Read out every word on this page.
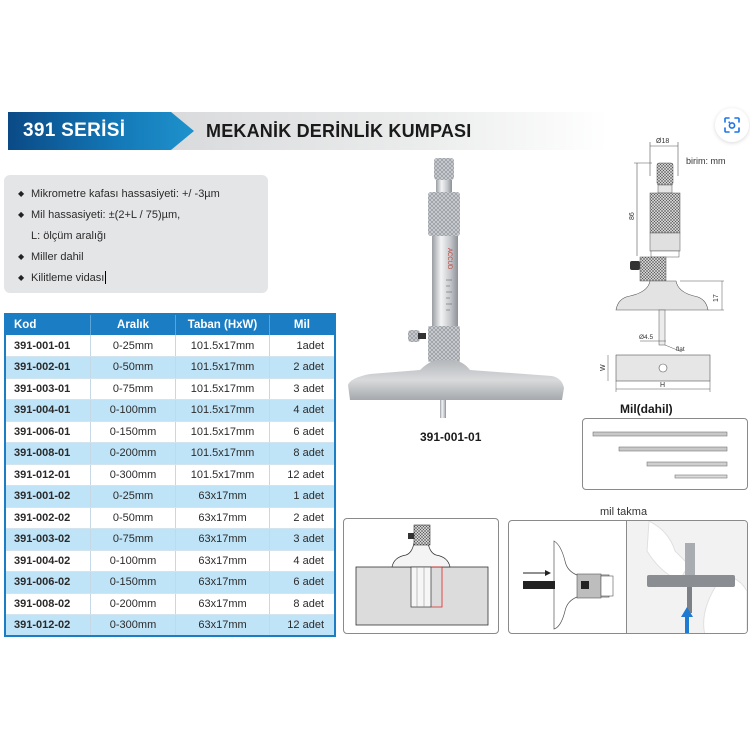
391 SERİSİ	MEKANİK DERİNLİK KUMPASI
◆ Mikrometre kafası hassasiyeti: +/ -3µm
◆ Mil hassasiyeti: ±(2+L / 75)µm,
L: ölçüm aralığı
◆ Miller dahil
◆ Kilitleme vidası
Kod	Aralık	Taban (HxW)	Mil
391-001-01	0-25mm	101.5x17mm	1adet
391-002-01	0-50mm	101.5x17mm	2 adet
391-003-01	0-75mm	101.5x17mm	3 adet
391-004-01	0-100mm	101.5x17mm	4 adet
391-006-01	0-150mm	101.5x17mm	6 adet
391-008-01	0-200mm	101.5x17mm	8 adet
391-012-01	0-300mm	101.5x17mm	12 adet
391-001-02	0-25mm	63x17mm	1 adet
391-002-02	0-50mm	63x17mm	2 adet
391-003-02	0-75mm	63x17mm	3 adet
391-004-02	0-100mm	63x17mm	4 adet
391-006-02	0-150mm	63x17mm	6 adet
391-008-02	0-200mm	63x17mm	8 adet
391-012-02	0-300mm	63x17mm	12 adet
ACCUD
391-001-01
Ø18
86
17
Ø4.5
flat
W
H
birim: mm
Mil(dahil)
mil takma
